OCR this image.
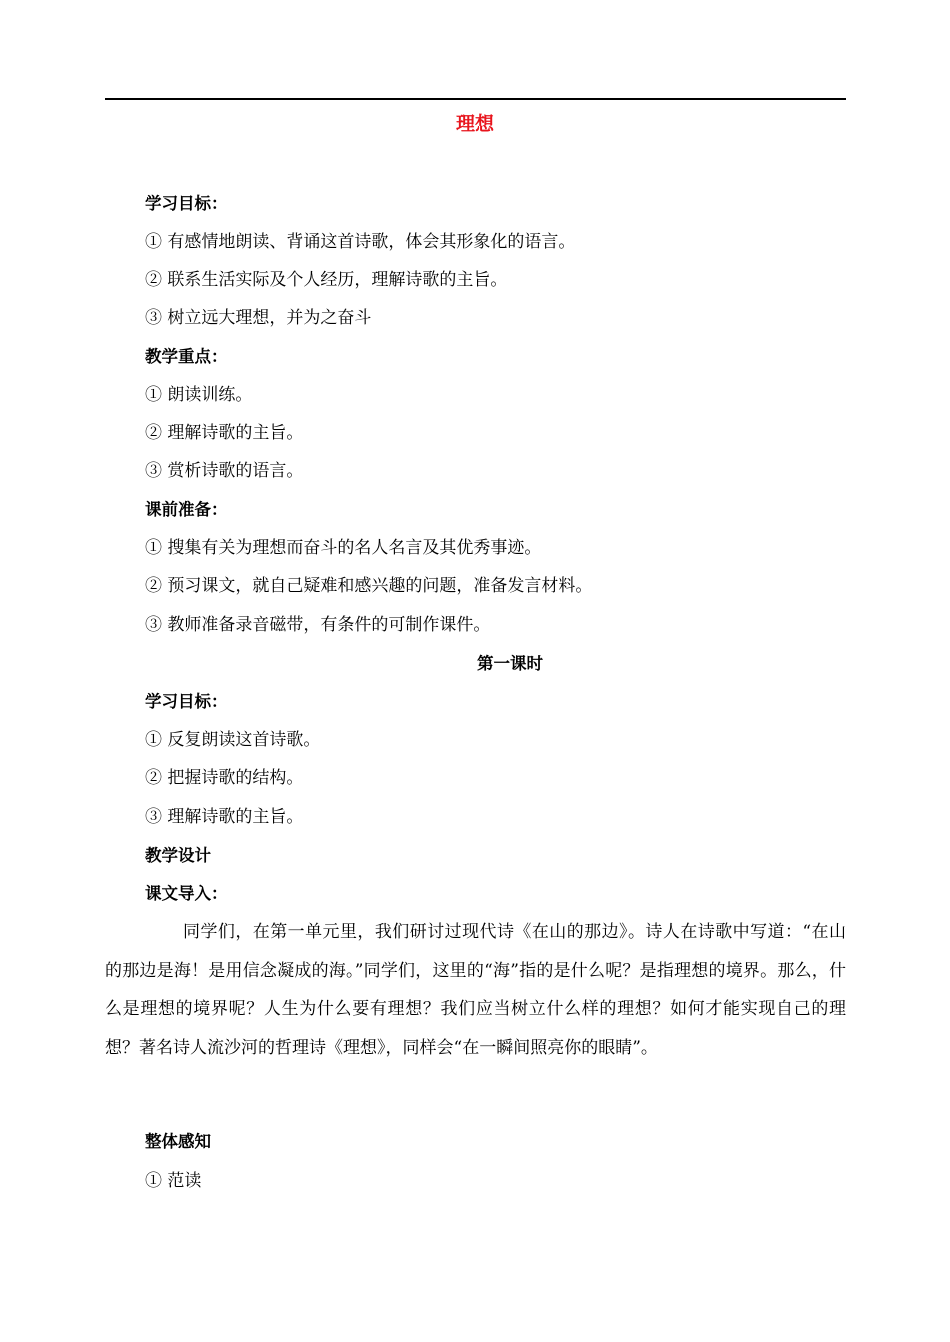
理想
学习目标：
① 有感情地朗读、背诵这首诗歌，体会其形象化的语言。
② 联系生活实际及个人经历，理解诗歌的主旨。
③ 树立远大理想，并为之奋斗
教学重点：
① 朗读训练。
② 理解诗歌的主旨。
③ 赏析诗歌的语言。
课前准备：
① 搜集有关为理想而奋斗的名人名言及其优秀事迹。
② 预习课文，就自己疑难和感兴趣的问题，准备发言材料。
③ 教师准备录音磁带，有条件的可制作课件。
第一课时
学习目标：
① 反复朗读这首诗歌。
② 把握诗歌的结构。
③ 理解诗歌的主旨。
教学设计
课文导入：
同学们，在第一单元里，我们研讨过现代诗《在山的那边》。诗人在诗歌中写道：“在山的那边是海！是用信念凝成的海。”同学们，这里的“海”指的是什么呢？是指理想的境界。那么，什么是理想的境界呢？人生为什么要有理想？我们应当树立什么样的理想？如何才能实现自己的理想？著名诗人流沙河的哲理诗《理想》，同样会“在一瞬间照亮你的眼睛”。
整体感知
① 范读
